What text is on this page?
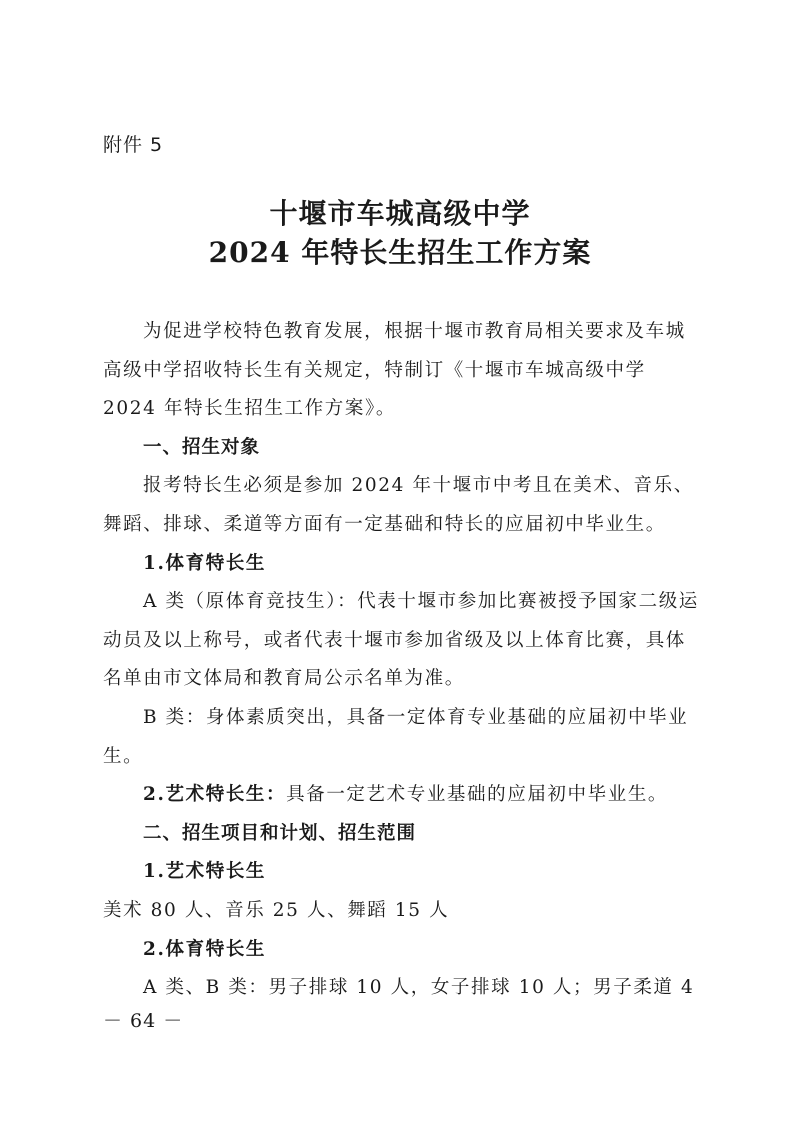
附件 5
十堰市车城高级中学
2024 年特长生招生工作方案

为促进学校特色教育发展，根据十堰市教育局相关要求及车城高级中学招收特长生有关规定，特制订《十堰市车城高级中学 2024 年特长生招生工作方案》。

一、招生对象

报考特长生必须是参加 2024 年十堰市中考且在美术、音乐、舞蹈、排球、柔道等方面有一定基础和特长的应届初中毕业生。

1.体育特长生

A 类（原体育竞技生）：代表十堰市参加比赛被授予国家二级运动员及以上称号，或者代表十堰市参加省级及以上体育比赛，具体名单由市文体局和教育局公示名单为准。

B 类：身体素质突出，具备一定体育专业基础的应届初中毕业生。

2.艺术特长生：具备一定艺术专业基础的应届初中毕业生。

二、招生项目和计划、招生范围

1.艺术特长生

美术 80 人、音乐 25 人、舞蹈 15 人

2.体育特长生

A 类、B 类：男子排球 10 人，女子排球 10 人；男子柔道 4

－ 64 －
